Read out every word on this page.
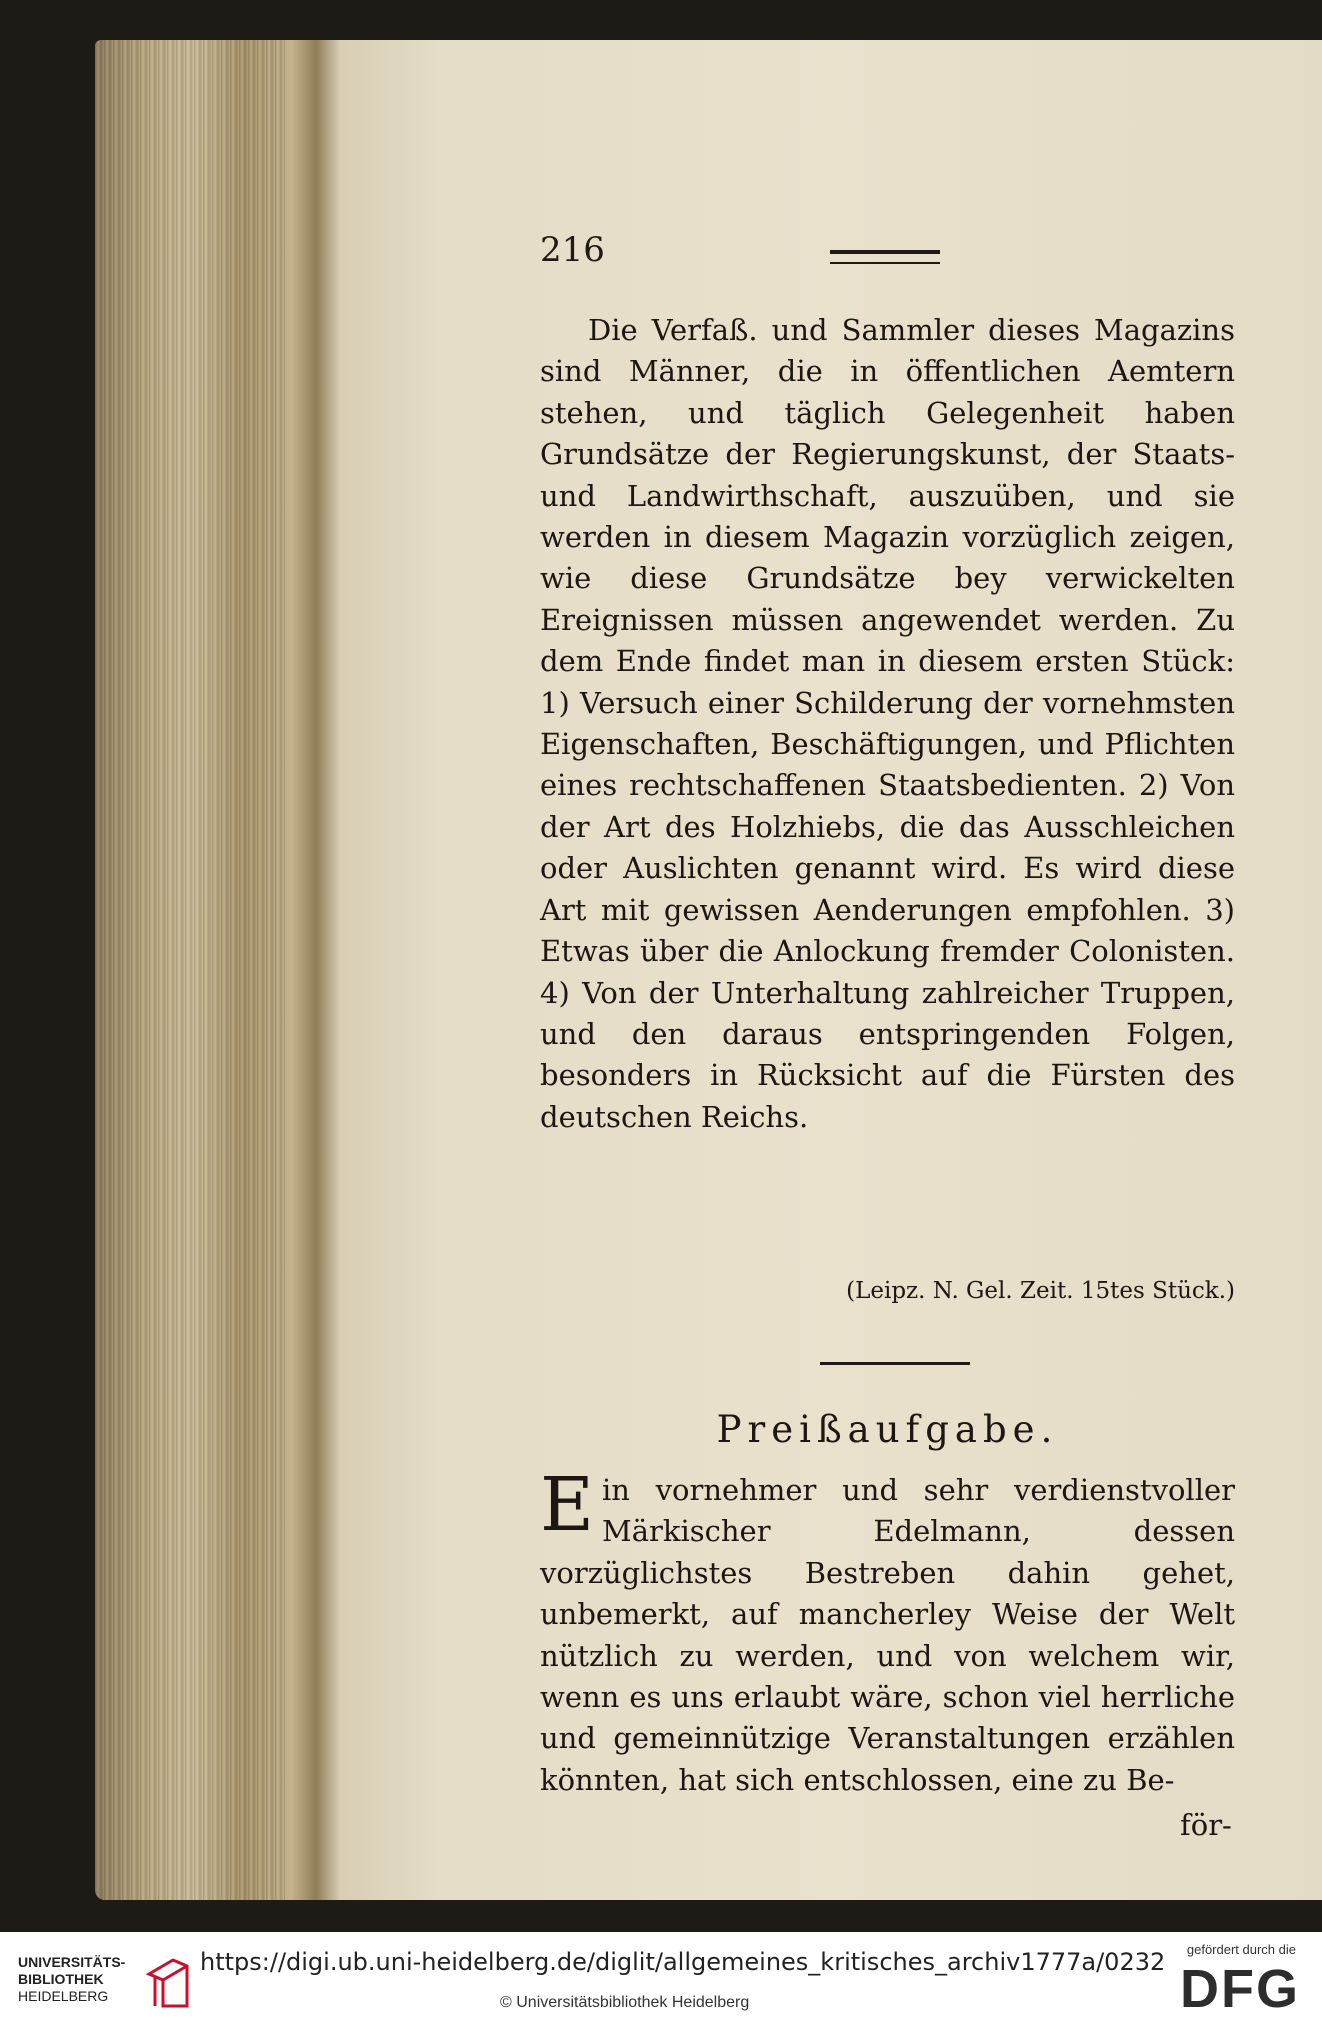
216

Die Verfaß. und Sammler dieses Magazins sind Männer, die in öffentlichen Aemtern stehen, und täglich Gelegenheit haben Grundsätze der Regierungskunst, der Staats- und Landwirthschaft, auszuüben, und sie werden in diesem Magazin vorzüglich zeigen, wie diese Grundsätze bey verwickelten Ereignissen müssen angewendet werden. Zu dem Ende findet man in diesem ersten Stück: 1) Versuch einer Schilderung der vornehmsten Eigenschaften, Beschäftigungen, und Pflichten eines rechtschaffenen Staatsbedienten. 2) Von der Art des Holzhiebs, die das Ausschleichen oder Auslichten genannt wird. Es wird diese Art mit gewissen Aenderungen empfohlen. 3) Etwas über die Anlockung fremder Colonisten. 4) Von der Unterhaltung zahlreicher Truppen, und den daraus entspringenden Folgen, besonders in Rücksicht auf die Fürsten des deutschen Reichs.

(Leipz. N. Gel. Zeit. 15tes Stück.)
Preißaufgabe.
E in vornehmer und sehr verdienstvoller Märkischer Edelmann, dessen vorzüglichstes Bestreben dahin gehet, unbemerkt, auf mancherley Weise der Welt nützlich zu werden, und von welchem wir, wenn es uns erlaubt wäre, schon viel herrliche und gemeinnützige Veranstaltungen erzählen könnten, hat sich entschlossen, eine zu Be-
för-
UNIVERSITÄTS-
BIBLIOTHEK
HEIDELBERG
https://digi.ub.uni-heidelberg.de/diglit/allgemeines_kritisches_archiv1777a/0232
© Universitätsbibliothek Heidelberg
gefördert durch die
DFG
